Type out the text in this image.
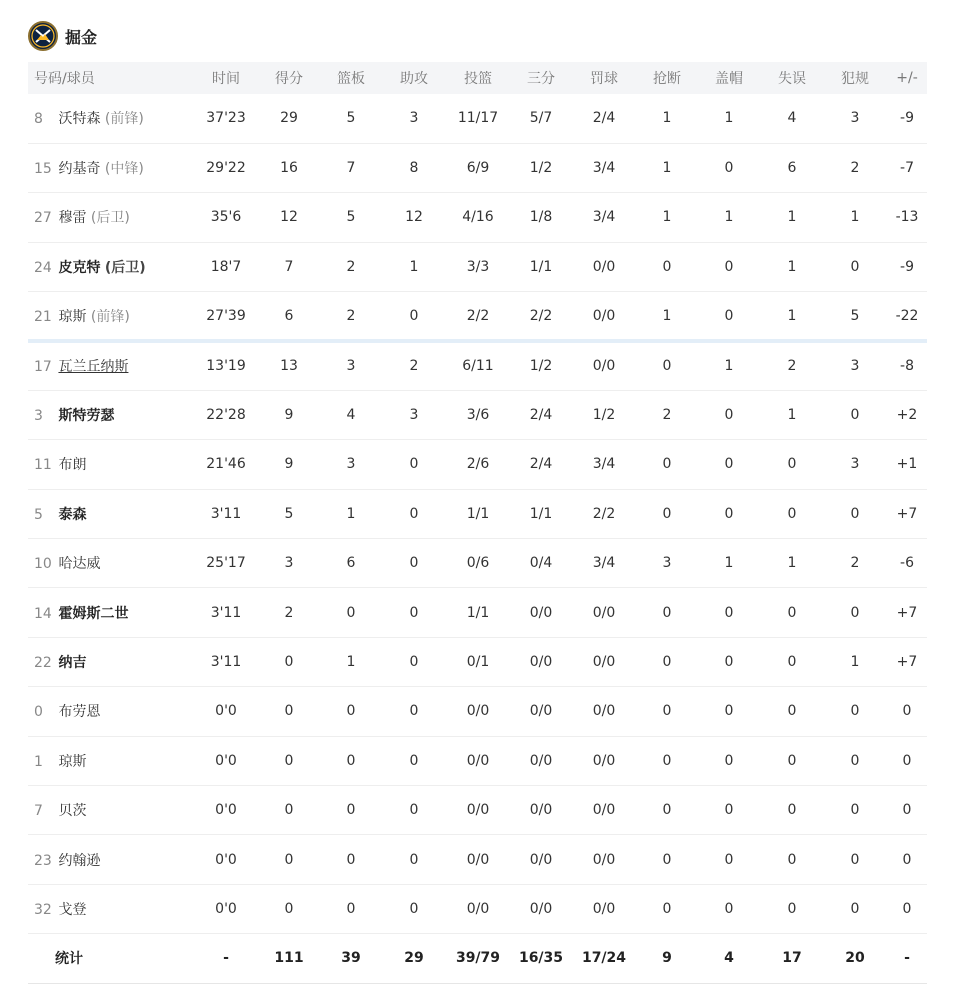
掘金
号码/球员	时间	得分	篮板	助攻	投篮	三分	罚球	抢断	盖帽	失误	犯规	+/-
8 沃特森 (前锋)	37'23	29	5	3	11/17	5/7	2/4	1	1	4	3	-9
15 约基奇 (中锋)	29'22	16	7	8	6/9	1/2	3/4	1	0	6	2	-7
27 穆雷 (后卫)	35'6	12	5	12	4/16	1/8	3/4	1	1	1	1	-13
24 皮克特 (后卫)	18'7	7	2	1	3/3	1/1	0/0	0	0	1	0	-9
21 琼斯 (前锋)	27'39	6	2	0	2/2	2/2	0/0	1	0	1	5	-22
17 瓦兰丘纳斯	13'19	13	3	2	6/11	1/2	0/0	0	1	2	3	-8
3 斯特劳瑟	22'28	9	4	3	3/6	2/4	1/2	2	0	1	0	+2
11 布朗	21'46	9	3	0	2/6	2/4	3/4	0	0	0	3	+1
5 泰森	3'11	5	1	0	1/1	1/1	2/2	0	0	0	0	+7
10 哈达威	25'17	3	6	0	0/6	0/4	3/4	3	1	1	2	-6
14 霍姆斯二世	3'11	2	0	0	1/1	0/0	0/0	0	0	0	0	+7
22 纳吉	3'11	0	1	0	0/1	0/0	0/0	0	0	0	1	+7
0 布劳恩	0'0	0	0	0	0/0	0/0	0/0	0	0	0	0	0
1 琼斯	0'0	0	0	0	0/0	0/0	0/0	0	0	0	0	0
7 贝茨	0'0	0	0	0	0/0	0/0	0/0	0	0	0	0	0
23 约翰逊	0'0	0	0	0	0/0	0/0	0/0	0	0	0	0	0
32 戈登	0'0	0	0	0	0/0	0/0	0/0	0	0	0	0	0
统计	-	111	39	29	39/79	16/35	17/24	9	4	17	20	-
